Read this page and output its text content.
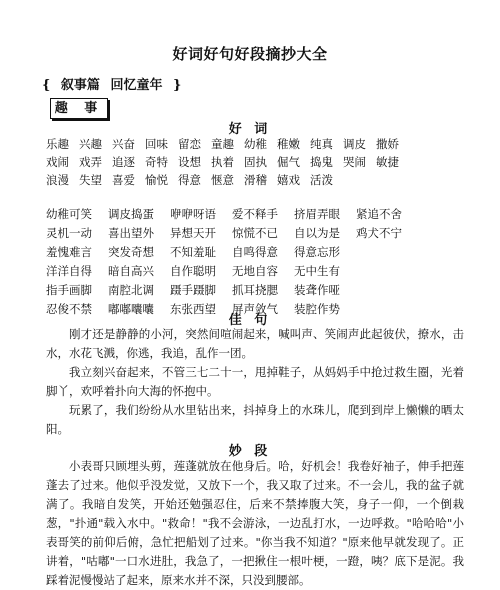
好词好句好段摘抄大全
{ 叙事篇 回忆童年 }
趣 事
好 词
乐趣 兴趣 兴奋 回味 留恋 童趣 幼稚 稚嫩 纯真 调皮 撒娇
戏闹 戏弄 追逐 奇特 设想 执着 固执 倔气 捣鬼 哭闹 敏捷
浪漫 失望 喜爱 愉悦 得意 惬意 滑稽 嬉戏 活泼
幼稚可笑 调皮捣蛋 咿咿呀语 爱不释手 挤眉弄眼 紧追不舍
灵机一动 喜出望外 异想天开 惊慌不已 自以为是 鸡犬不宁
羞愧难言 突发奇想 不知羞耻 自鸣得意 得意忘形
洋洋自得 暗自高兴 自作聪明 无地自容 无中生有
指手画脚 南腔北调 蹑手蹑脚 抓耳挠腮 装聋作哑
忍俊不禁 嘟嘟囔囔 东张西望 屏声敛气 装腔作势
佳 句

刚才还是静静的小河，突然间喧闹起来，喊叫声、笑闹声此起彼伏，撩水，击水，水花飞溅，你逃，我追，乱作一团。

我立刻兴奋起来，不管三七二十一，甩掉鞋子，从妈妈手中抢过救生圈，光着脚丫，欢呼着扑向大海的怀抱中。

玩累了，我们纷纷从水里钻出来，抖掉身上的水珠儿，爬到到岸上懒懒的晒太阳。

妙 段

小表哥只顾埋头剪，莲蓬就放在他身后。哈，好机会！我卷好袖子，伸手把莲蓬去了过来。他似乎没发觉，又放下一个，我又取了过来。不一会儿，我的盆子就满了。我暗自发笑，开始还勉强忍住，后来不禁捧腹大笑，身子一仰，一个倒栽葱，"扑通"载入水中。"救命！"我不会游泳，一边乱打水，一边呼救。"哈哈哈"小表哥笑的前仰后俯，急忙把船划了过来。"你当我不知道？"原来他早就发现了。正讲着，"咕嘟"一口水进肚，我急了，一把揪住一根叶梗，一蹬，咦？底下是泥。我踩着泥慢慢站了起来，原来水并不深，只没到腰部。
